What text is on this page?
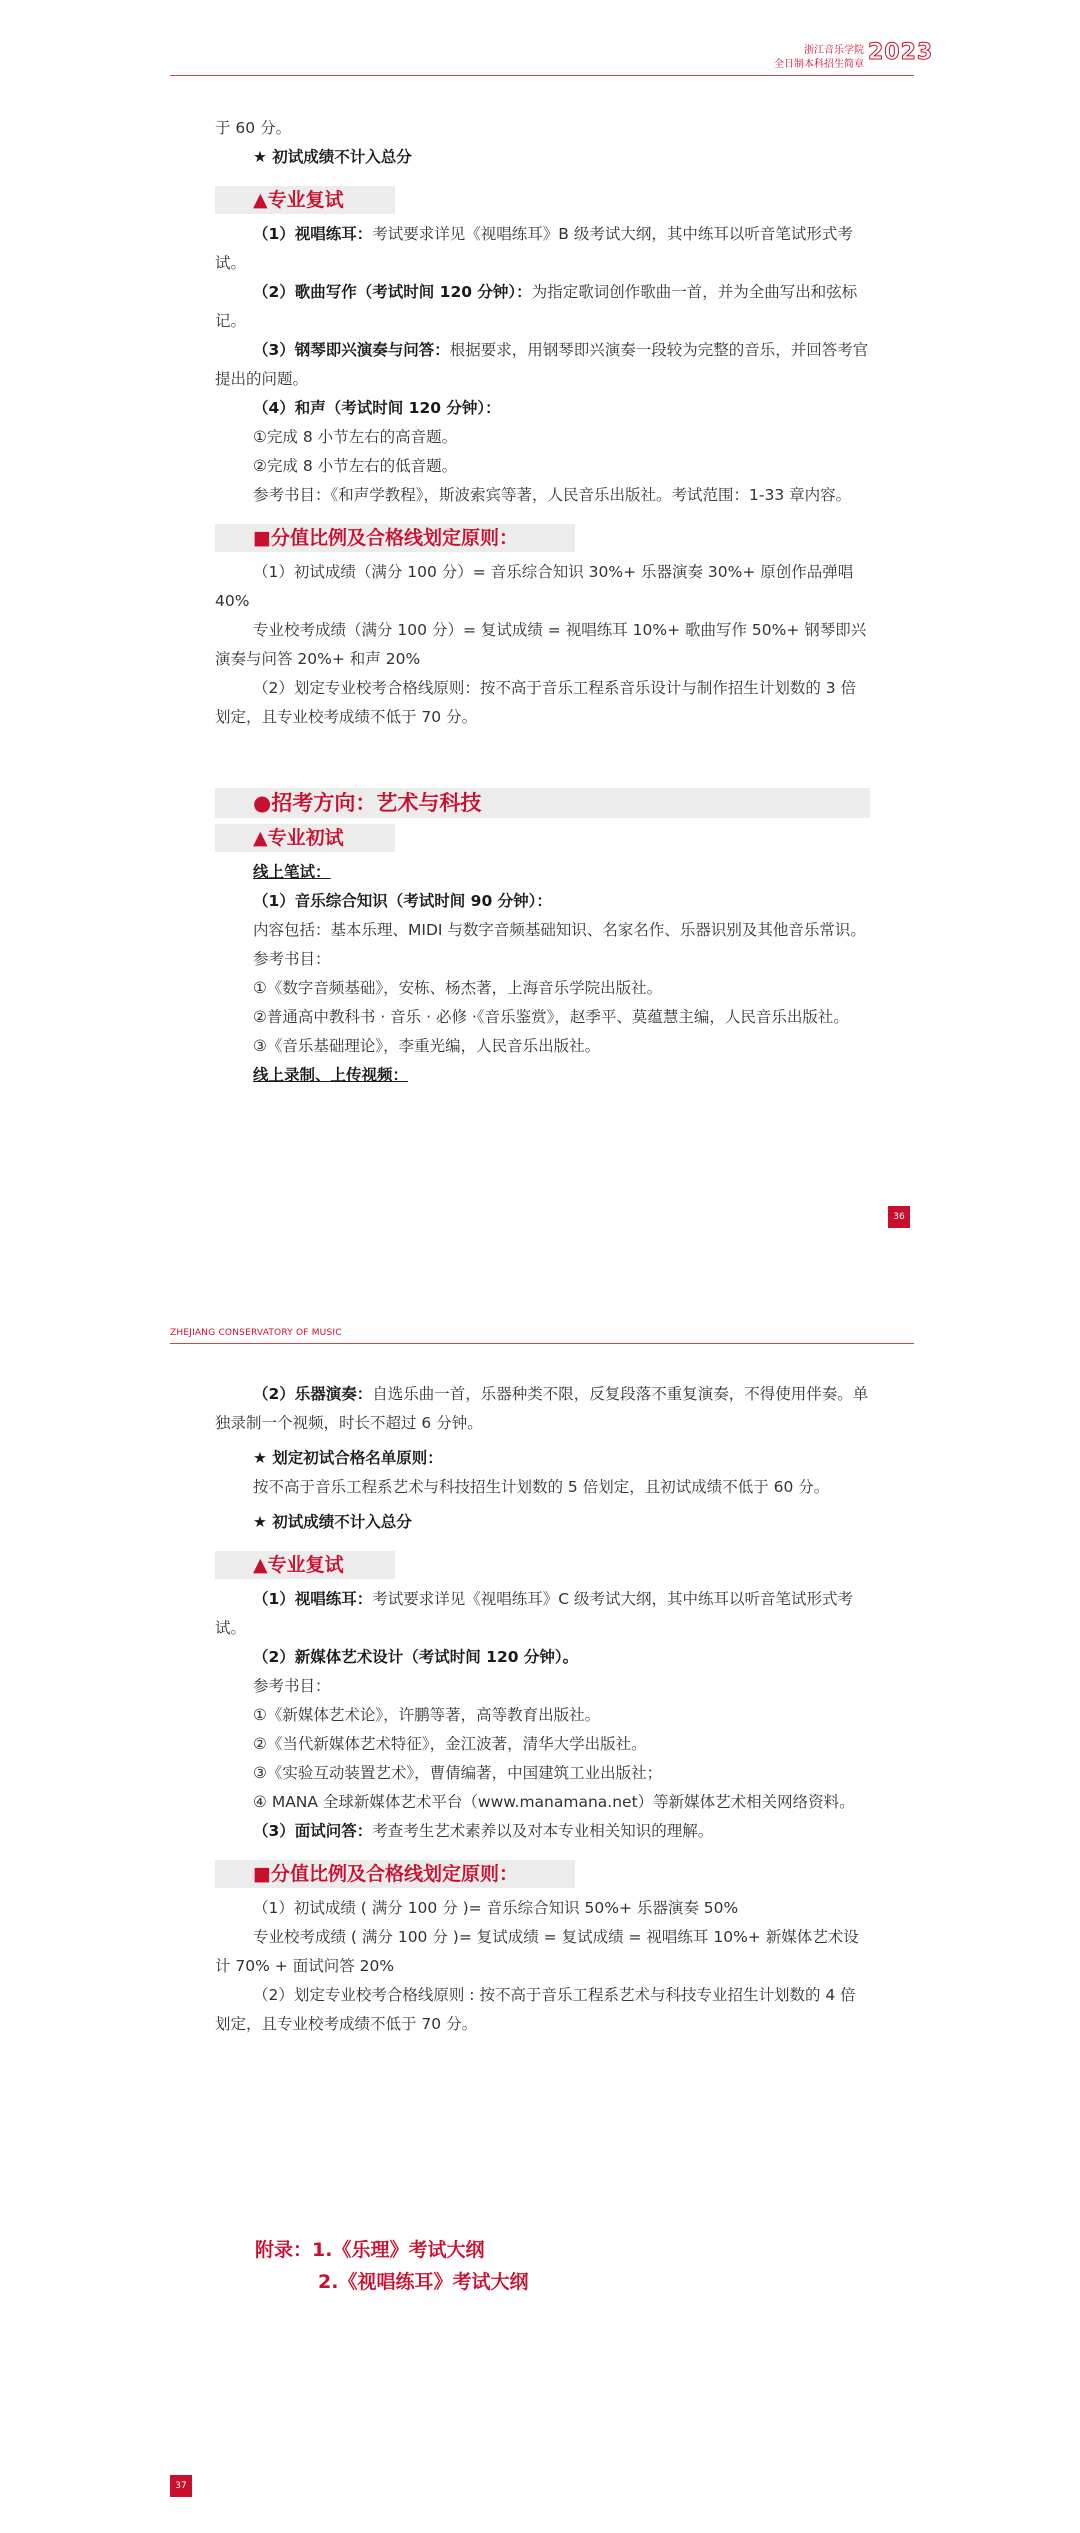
浙江音乐学院
全日制本科招生简章 2023

于 60 分。

★ 初试成绩不计入总分
▲专业复试

（1）视唱练耳：考试要求详见《视唱练耳》B 级考试大纲，其中练耳以听音笔试形式考试。

（2）歌曲写作（考试时间 120 分钟）：为指定歌词创作歌曲一首，并为全曲写出和弦标记。

（3）钢琴即兴演奏与问答：根据要求，用钢琴即兴演奏一段较为完整的音乐，并回答考官提出的问题。

（4）和声（考试时间 120 分钟）：

①完成 8 小节左右的高音题。

②完成 8 小节左右的低音题。

参考书目：《和声学教程》，斯波索宾等著，人民音乐出版社。考试范围：1-33 章内容。

■分值比例及合格线划定原则：

（1）初试成绩（满分 100 分）= 音乐综合知识 30%+ 乐器演奏 30%+ 原创作品弹唱 40%

专业校考成绩（满分 100 分）= 复试成绩 = 视唱练耳 10%+ 歌曲写作 50%+ 钢琴即兴演奏与问答 20%+ 和声 20%

（2）划定专业校考合格线原则：按不高于音乐工程系音乐设计与制作招生计划数的 3 倍划定，且专业校考成绩不低于 70 分。

●招考方向：艺术与科技
▲专业初试

线上笔试：

（1）音乐综合知识（考试时间 90 分钟）：

内容包括：基本乐理、MIDI 与数字音频基础知识、名家名作、乐器识别及其他音乐常识。

参考书目：

①《数字音频基础》，安栋、杨杰著，上海音乐学院出版社。

②普通高中教科书 · 音乐 · 必修 ·《音乐鉴赏》，赵季平、莫蕴慧主编，人民音乐出版社。

③《音乐基础理论》，李重光编，人民音乐出版社。

线上录制、上传视频：

36
ZHEJIANG CONSERVATORY OF MUSIC

（2）乐器演奏：自选乐曲一首，乐器种类不限，反复段落不重复演奏，不得使用伴奏。单独录制一个视频，时长不超过 6 分钟。

★ 划定初试合格名单原则：

按不高于音乐工程系艺术与科技招生计划数的 5 倍划定，且初试成绩不低于 60 分。

★ 初试成绩不计入总分
▲专业复试

（1）视唱练耳：考试要求详见《视唱练耳》C 级考试大纲，其中练耳以听音笔试形式考试。

（2）新媒体艺术设计（考试时间 120 分钟）。

参考书目：

①《新媒体艺术论》，许鹏等著，高等教育出版社。

②《当代新媒体艺术特征》，金江波著，清华大学出版社。

③《实验互动装置艺术》，曹倩编著，中国建筑工业出版社；

④ MANA 全球新媒体艺术平台（www.manamana.net）等新媒体艺术相关网络资料。

（3）面试问答：考查考生艺术素养以及对本专业相关知识的理解。

■分值比例及合格线划定原则：

（1）初试成绩 ( 满分 100 分 )= 音乐综合知识 50%+ 乐器演奏 50%

专业校考成绩 ( 满分 100 分 )= 复试成绩 = 复试成绩 = 视唱练耳 10%+ 新媒体艺术设计 70% + 面试问答 20%

（2）划定专业校考合格线原则 : 按不高于音乐工程系艺术与科技专业招生计划数的 4 倍划定，且专业校考成绩不低于 70 分。

附录：1.《乐理》考试大纲
2.《视唱练耳》考试大纲
37
